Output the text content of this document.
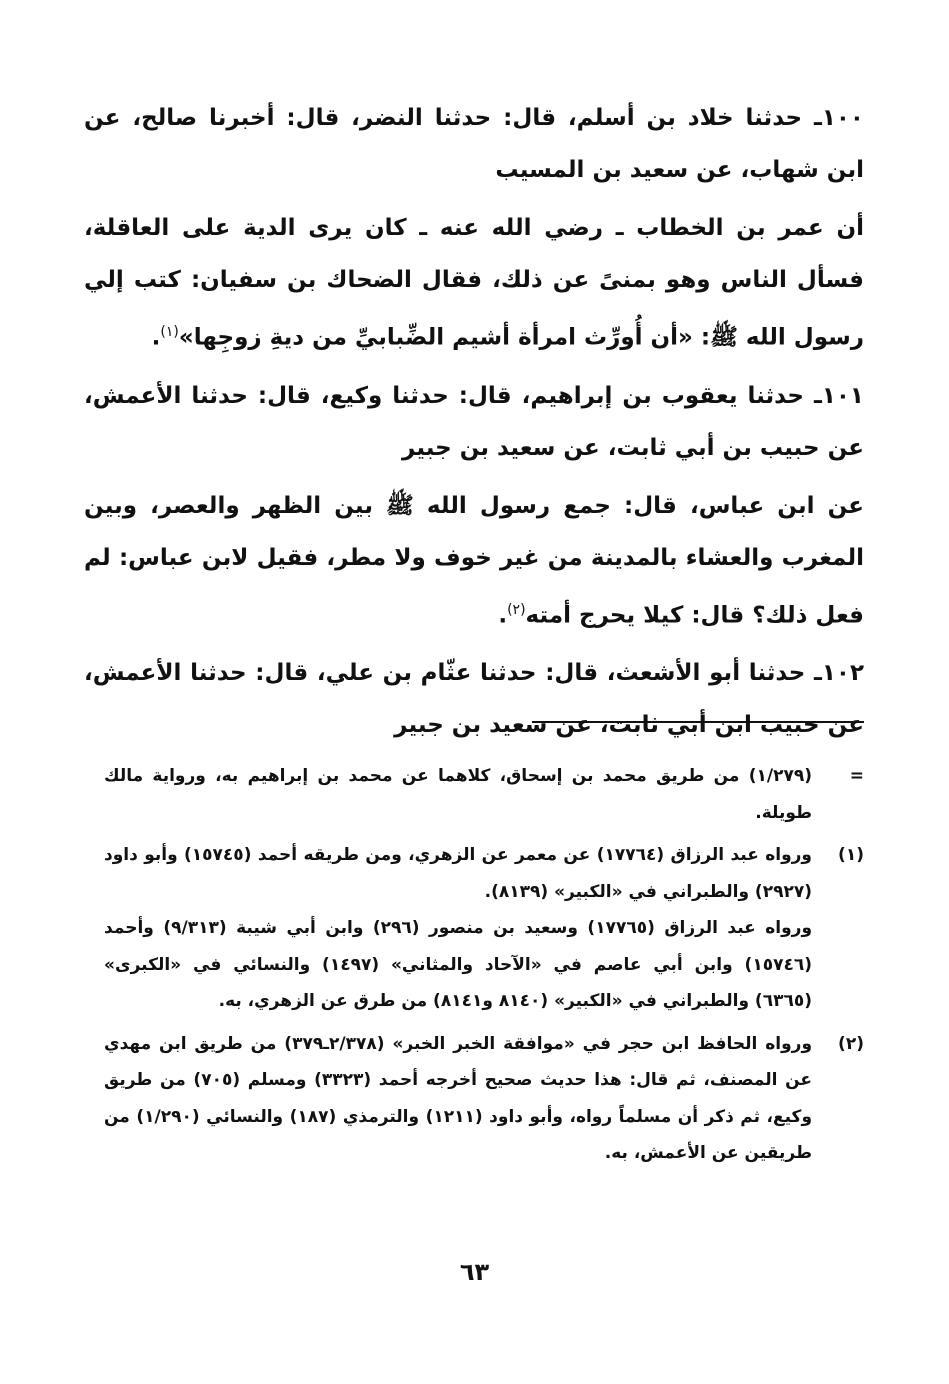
١٠٠ـ حدثنا خلاد بن أسلم، قال: حدثنا النضر، قال: أخبرنا صالح، عن ابن شهاب، عن سعيد بن المسيب

أن عمر بن الخطاب ـ رضي الله عنه ـ كان يرى الدية على العاقلة، فسأل الناس وهو بمنىً عن ذلك، فقال الضحاك بن سفيان: كتب إلي رسول الله ﷺ: «أن أُورِّث امرأة أشيم الضِّبابيِّ من ديةِ زوجِها»$^{(١)}$.

١٠١ـ حدثنا يعقوب بن إبراهيم، قال: حدثنا وكيع، قال: حدثنا الأعمش، عن حبيب بن أبي ثابت، عن سعيد بن جبير

عن ابن عباس، قال: جمع رسول الله ﷺ بين الظهر والعصر، وبين المغرب والعشاء بالمدينة من غير خوف ولا مطر، فقيل لابن عباس: لم فعل ذلك؟ قال: كيلا يحرج أمته$^{(٢)}$.

١٠٢ـ حدثنا أبو الأشعث، قال: حدثنا عثّام بن علي، قال: حدثنا الأعمش، عن حبيب ابن أبي ثابت، عن سعيد بن جبير

=

(١/٢٧٩) من طريق محمد بن إسحاق، كلاهما عن محمد بن إبراهيم به، ورواية مالك طويلة.

(١)

ورواه عبد الرزاق (١٧٧٦٤) عن معمر عن الزهري، ومن طريقه أحمد (١٥٧٤٥) وأبو داود (٢٩٢٧) والطبراني في «الكبير» (٨١٣٩).

ورواه عبد الرزاق (١٧٧٦٥) وسعيد بن منصور (٢٩٦) وابن أبي شيبة (٩/٣١٣) وأحمد (١٥٧٤٦) وابن أبي عاصم في «الآحاد والمثاني» (١٤٩٧) والنسائي في «الكبرى» (٦٣٦٥) والطبراني في «الكبير» (٨١٤٠ و٨١٤١) من طرق عن الزهري، به.

(٢)

ورواه الحافظ ابن حجر في «موافقة الخبر الخبر» (٢/٣٧٨ـ٣٧٩) من طريق ابن مهدي عن المصنف، ثم قال: هذا حديث صحيح أخرجه أحمد (٣٣٢٣) ومسلم (٧٠٥) من طريق وكيع، ثم ذكر أن مسلماً رواه، وأبو داود (١٢١١) والترمذي (١٨٧) والنسائي (١/٢٩٠) من طريقين عن الأعمش، به.

٦٣
